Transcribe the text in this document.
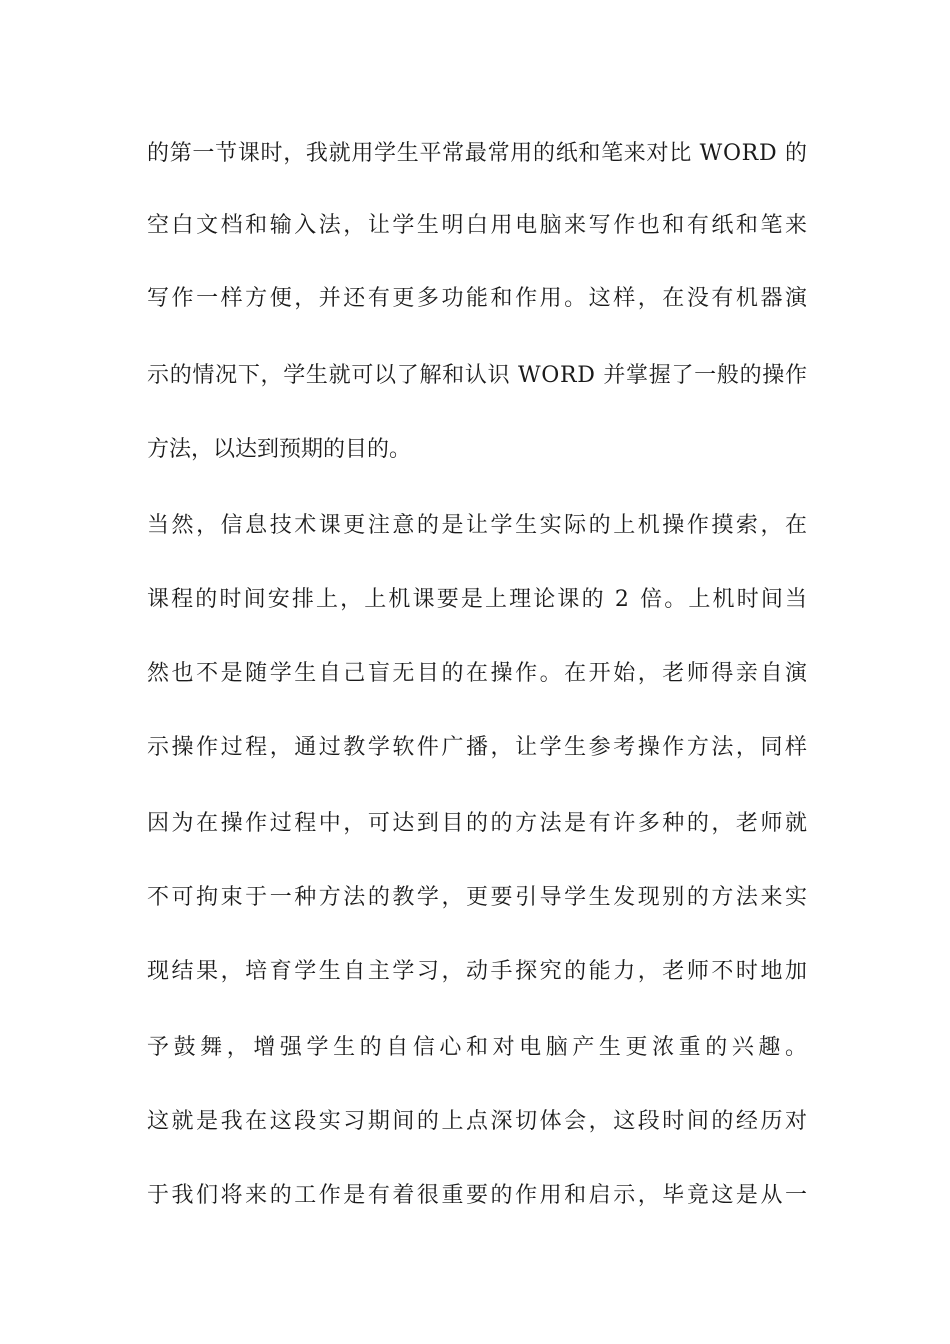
的第一节课时，我就用学生平常最常用的纸和笔来对比 WORD 的
空白文档和输入法，让学生明白用电脑来写作也和有纸和笔来
写作一样方便，并还有更多功能和作用。这样，在没有机器演
示的情况下，学生就可以了解和认识 WORD 并掌握了一般的操作
方法，以达到预期的目的。
当然，信息技术课更注意的是让学生实际的上机操作摸索，在
课程的时间安排上，上机课要是上理论课的 2 倍。上机时间当
然也不是随学生自己盲无目的在操作。在开始，老师得亲自演
示操作过程，通过教学软件广播，让学生参考操作方法，同样
因为在操作过程中，可达到目的的方法是有许多种的，老师就
不可拘束于一种方法的教学，更要引导学生发现别的方法来实
现结果，培育学生自主学习，动手探究的能力，老师不时地加
予鼓舞，增强学生的自信心和对电脑产生更浓重的兴趣。
这就是我在这段实习期间的上点深切体会，这段时间的经历对
于我们将来的工作是有着很重要的作用和启示，毕竟这是从一
